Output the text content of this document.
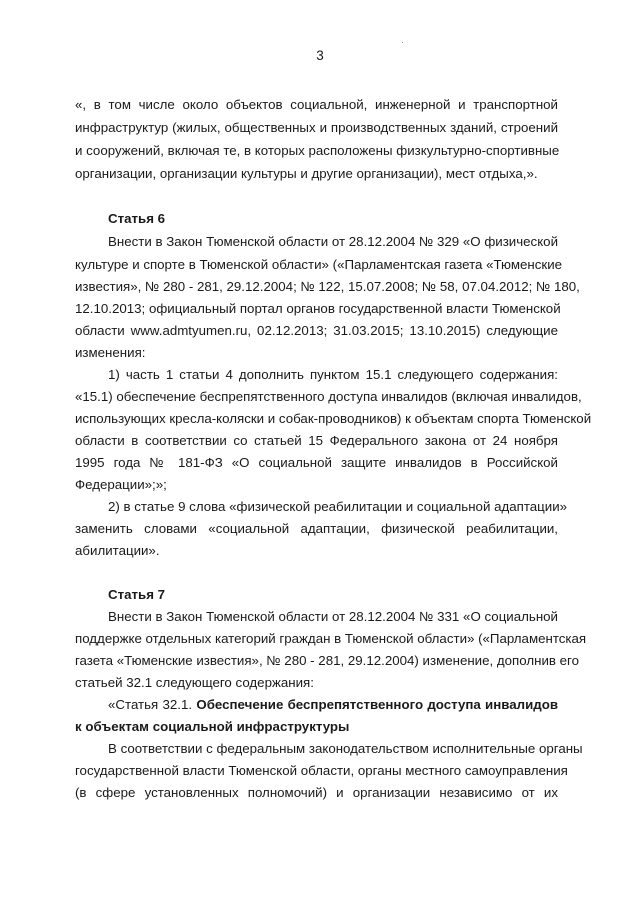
3
«, в том числе около объектов социальной, инженерной и транспортной
инфраструктур (жилых, общественных и производственных зданий, строений
и сооружений, включая те, в которых расположены физкультурно-спортивные
организации, организации культуры и другие организации), мест отдыха,».
Статья 6
Внести в Закон Тюменской области от 28.12.2004 № 329 «О физической
культуре и спорте в Тюменской области» («Парламентская газета «Тюменские
известия», № 280 - 281, 29.12.2004; № 122, 15.07.2008; № 58, 07.04.2012; № 180,
12.10.2013; официальный портал органов государственной власти Тюменской
области www.admtyumen.ru, 02.12.2013; 31.03.2015; 13.10.2015) следующие
изменения:
1) часть 1 статьи 4 дополнить пунктом 15.1 следующего содержания:
«15.1) обеспечение беспрепятственного доступа инвалидов (включая инвалидов,
использующих кресла-коляски и собак-проводников) к объектам спорта Тюменской
области в соответствии со статьей 15 Федерального закона от 24 ноября
1995 года № 181-ФЗ «О социальной защите инвалидов в Российской
Федерации»;»;
2) в статье 9 слова «физической реабилитации и социальной адаптации»
заменить словами «социальной адаптации, физической реабилитации,
абилитации».
Статья 7
Внести в Закон Тюменской области от 28.12.2004 № 331 «О социальной
поддержке отдельных категорий граждан в Тюменской области» («Парламентская
газета «Тюменские известия», № 280 - 281, 29.12.2004) изменение, дополнив его
статьей 32.1 следующего содержания:
«Статья 32.1. Обеспечение беспрепятственного доступа инвалидов
к объектам социальной инфраструктуры
В соответствии с федеральным законодательством исполнительные органы
государственной власти Тюменской области, органы местного самоуправления
(в сфере установленных полномочий) и организации независимо от их
